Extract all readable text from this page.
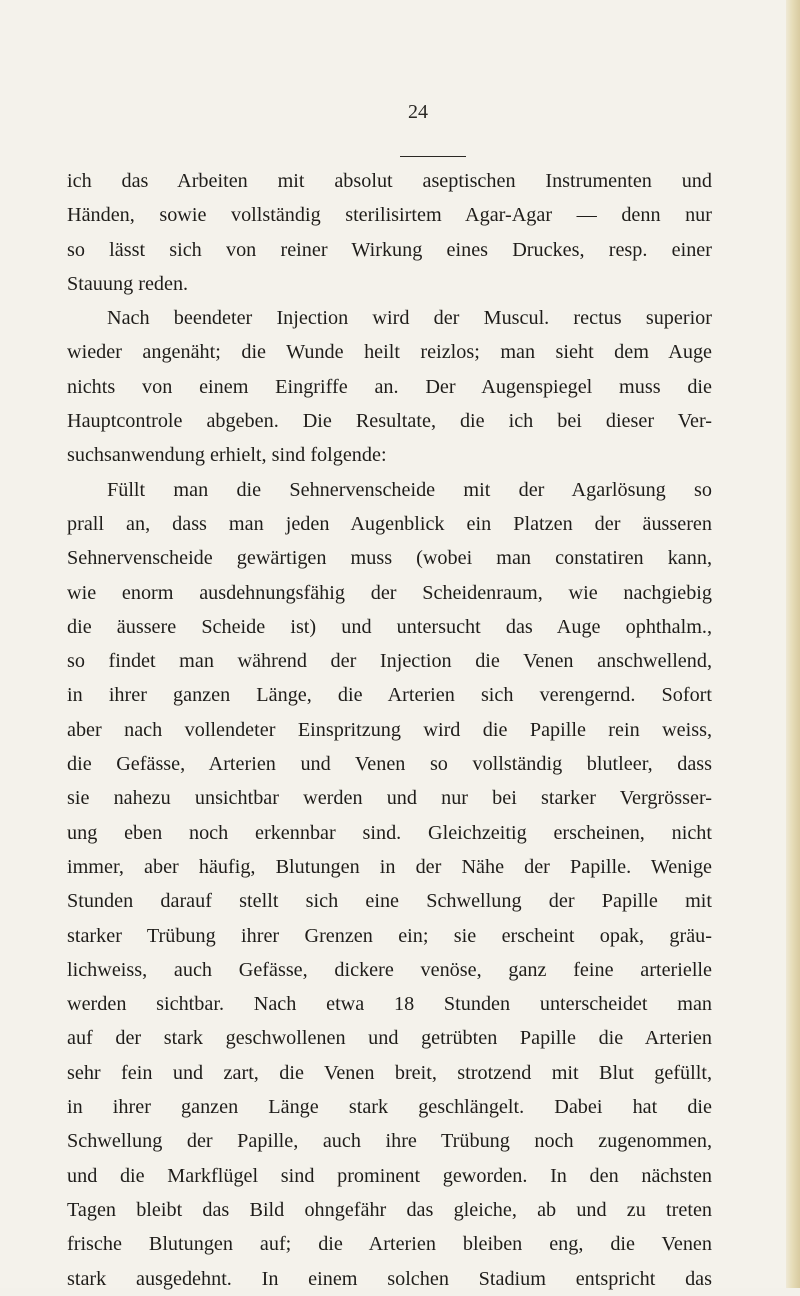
24
ich das Arbeiten mit absolut aseptischen Instrumenten und
Händen, sowie vollständig sterilisirtem Agar-Agar — denn nur
so lässt sich von reiner Wirkung eines Druckes, resp. einer
Stauung reden.
Nach beendeter Injection wird der Muscul. rectus superior
wieder angenäht; die Wunde heilt reizlos; man sieht dem Auge
nichts von einem Eingriffe an. Der Augenspiegel muss die
Hauptcontrole abgeben. Die Resultate, die ich bei dieser Ver-
suchsanwendung erhielt, sind folgende:
Füllt man die Sehnervenscheide mit der Agarlösung so
prall an, dass man jeden Augenblick ein Platzen der äusseren
Sehnervenscheide gewärtigen muss (wobei man constatiren kann,
wie enorm ausdehnungsfähig der Scheidenraum, wie nachgiebig
die äussere Scheide ist) und untersucht das Auge ophthalm.,
so findet man während der Injection die Venen anschwellend,
in ihrer ganzen Länge, die Arterien sich verengernd. Sofort
aber nach vollendeter Einspritzung wird die Papille rein weiss,
die Gefässe, Arterien und Venen so vollständig blutleer, dass
sie nahezu unsichtbar werden und nur bei starker Vergrösser-
ung eben noch erkennbar sind. Gleichzeitig erscheinen, nicht
immer, aber häufig, Blutungen in der Nähe der Papille. Wenige
Stunden darauf stellt sich eine Schwellung der Papille mit
starker Trübung ihrer Grenzen ein; sie erscheint opak, gräu-
lichweiss, auch Gefässe, dickere venöse, ganz feine arterielle
werden sichtbar. Nach etwa 18 Stunden unterscheidet man
auf der stark geschwollenen und getrübten Papille die Arterien
sehr fein und zart, die Venen breit, strotzend mit Blut gefüllt,
in ihrer ganzen Länge stark geschlängelt. Dabei hat die
Schwellung der Papille, auch ihre Trübung noch zugenommen,
und die Markflügel sind prominent geworden. In den nächsten
Tagen bleibt das Bild ohngefähr das gleiche, ab und zu treten
frische Blutungen auf; die Arterien bleiben eng, die Venen
stark ausgedehnt. In einem solchen Stadium entspricht das
